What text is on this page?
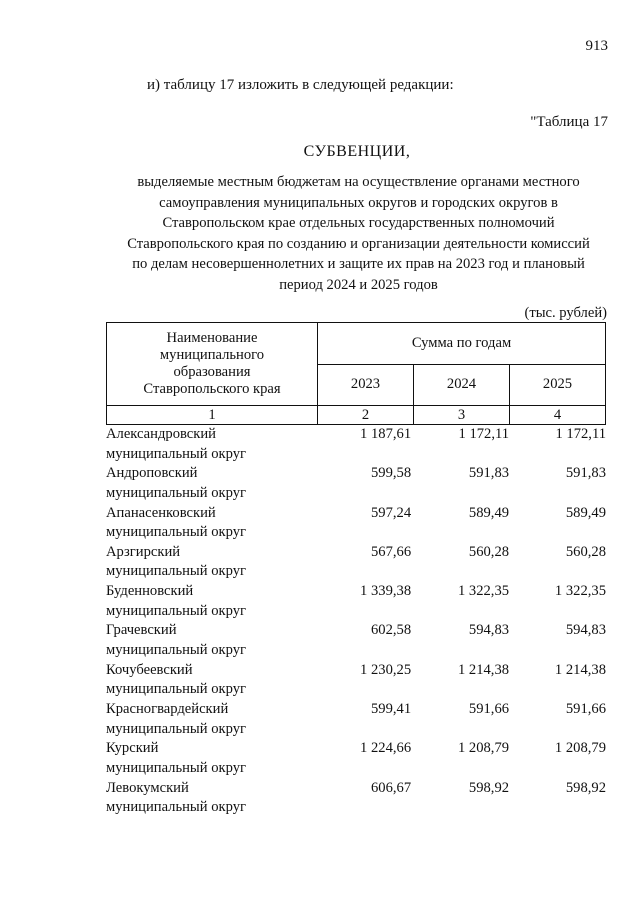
913
и) таблицу 17 изложить в следующей редакции:
"Таблица 17
СУБВЕНЦИИ,
выделяемые местным бюджетам на осуществление органами местного
самоуправления муниципальных округов и городских округов в
Ставропольском крае отдельных государственных полномочий
Ставропольского края по созданию и организации деятельности комиссий
по делам несовершеннолетних и защите их прав на 2023 год и плановый
период 2024 и 2025 годов
(тыс. рублей)
Наименование
муниципального
образования
Ставропольского края	Сумма по годам		
	2023	2024	2025
1	2	3	4
Александровский
муниципальный округ	1 187,61	1 172,11	1 172,11

Андроповский
муниципальный округ	599,58	591,83	591,83

Апанасенковский
муниципальный округ	597,24	589,49	589,49

Арзгирский
муниципальный округ	567,66	560,28	560,28

Буденновский
муниципальный округ	1 339,38	1 322,35	1 322,35

Грачевский
муниципальный округ	602,58	594,83	594,83

Кочубеевский
муниципальный округ	1 230,25	1 214,38	1 214,38

Красногвардейский
муниципальный округ	599,41	591,66	591,66

Курский
муниципальный округ	1 224,66	1 208,79	1 208,79

Левокумский
муниципальный округ	606,67	598,92	598,92
